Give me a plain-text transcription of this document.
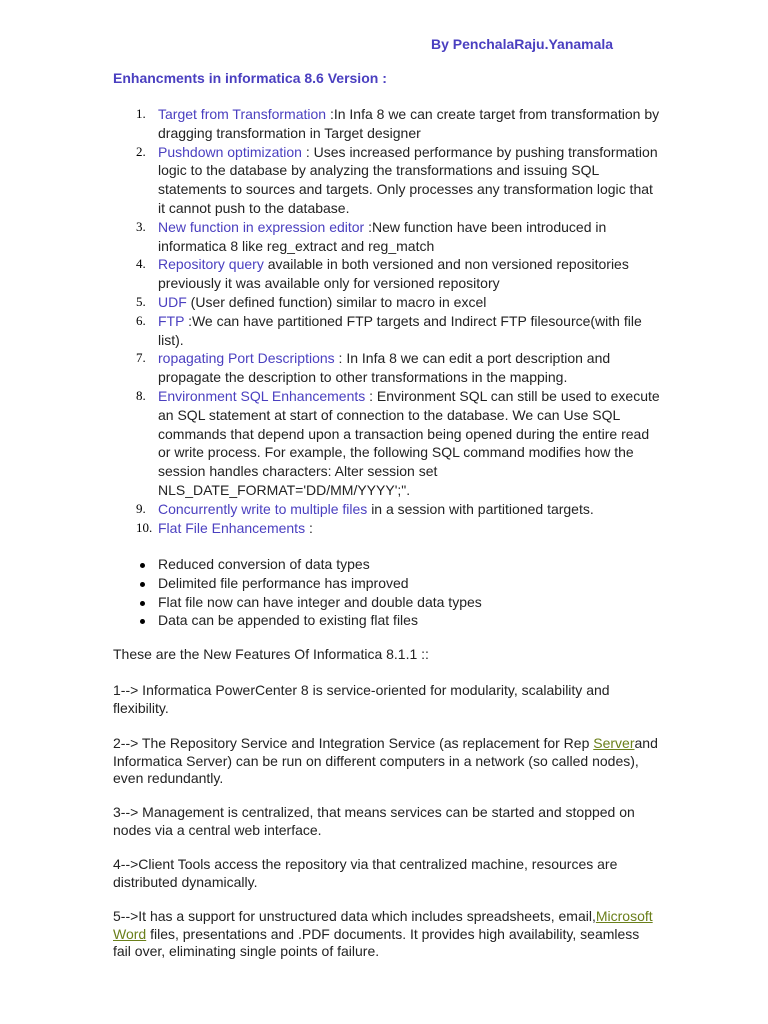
By PenchalaRaju.Yanamala
Enhancments in informatica 8.6 Version :
1. Target from Transformation :In Infa 8 we can create target from transformation by dragging transformation in Target designer
2. Pushdown optimization : Uses increased performance by pushing transformation logic to the database by analyzing the transformations and issuing SQL statements to sources and targets. Only processes any transformation logic that it cannot push to the database.
3. New function in expression editor :New function have been introduced in informatica 8 like reg_extract and reg_match
4. Repository query available in both versioned and non versioned repositories previously it was available only for versioned repository
5. UDF (User defined function) similar to macro in excel
6. FTP :We can have partitioned FTP targets and Indirect FTP filesource(with file list).
7. ropagating Port Descriptions : In Infa 8 we can edit a port description and propagate the description to other transformations in the mapping.
8. Environment SQL Enhancements : Environment SQL can still be used to execute an SQL statement at start of connection to the database. We can Use SQL commands that depend upon a transaction being opened during the entire read or write process. For example, the following SQL command modifies how the session handles characters: Alter session set NLS_DATE_FORMAT='DD/MM/YYYY';".
9. Concurrently write to multiple files in a session with partitioned targets.
10. Flat File Enhancements :
Reduced conversion of data types
Delimited file performance has improved
Flat file now can have integer and double data types
Data can be appended to existing flat files

These are the New Features Of Informatica 8.1.1 ::

1--> Informatica PowerCenter 8 is service-oriented for modularity, scalability and flexibility.

2--> The Repository Service and Integration Service (as replacement for Rep Serverand Informatica Server) can be run on different computers in a network (so called nodes), even redundantly.

3--> Management is centralized, that means services can be started and stopped on nodes via a central web interface.

4-->Client Tools access the repository via that centralized machine, resources are distributed dynamically.

5-->It has a support for unstructured data which includes spreadsheets, email,Microsoft Word files, presentations and .PDF documents. It provides high availability, seamless fail over, eliminating single points of failure.
